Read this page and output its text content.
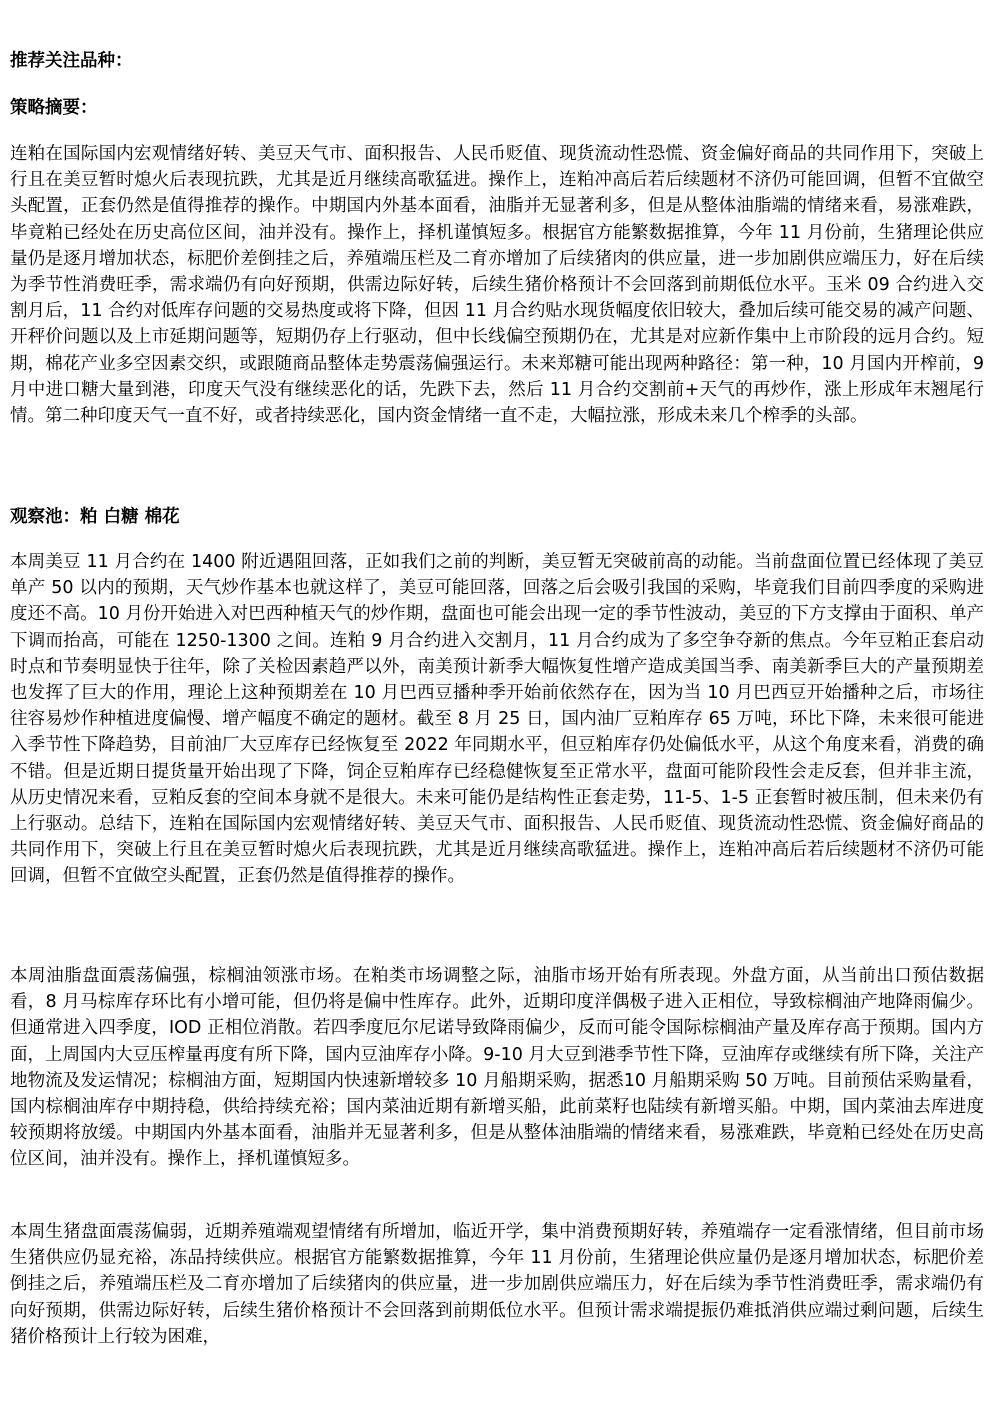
推荐关注品种：

策略摘要：

连粕在国际国内宏观情绪好转、美豆天气市、面积报告、人民币贬值、现货流动性恐慌、资金偏好商品的共同作用下，突破上行且在美豆暂时熄火后表现抗跌，尤其是近月继续高歌猛进。操作上，连粕冲高后若后续题材不济仍可能回调，但暂不宜做空头配置，正套仍然是值得推荐的操作。中期国内外基本面看，油脂并无显著利多，但是从整体油脂端的情绪来看，易涨难跌，毕竟粕已经处在历史高位区间，油并没有。操作上，择机谨慎短多。根据官方能繁数据推算，今年 11 月份前，生猪理论供应量仍是逐月增加状态，标肥价差倒挂之后，养殖端压栏及二育亦增加了后续猪肉的供应量，进一步加剧供应端压力，好在后续为季节性消费旺季，需求端仍有向好预期，供需边际好转，后续生猪价格预计不会回落到前期低位水平。玉米 09 合约进入交割月后，11 合约对低库存问题的交易热度或将下降，但因 11 月合约贴水现货幅度依旧较大，叠加后续可能交易的减产问题、开秤价问题以及上市延期问题等，短期仍存上行驱动，但中长线偏空预期仍在，尤其是对应新作集中上市阶段的远月合约。短期，棉花产业多空因素交织，或跟随商品整体走势震荡偏强运行。未来郑糖可能出现两种路径：第一种，10 月国内开榨前，9 月中进口糖大量到港，印度天气没有继续恶化的话，先跌下去，然后 11 月合约交割前+天气的再炒作，涨上形成年末翘尾行情。第二种印度天气一直不好，或者持续恶化，国内资金情绪一直不走，大幅拉涨，形成未来几个榨季的头部。

观察池：粕 白糖 棉花

本周美豆 11 月合约在 1400 附近遇阻回落，正如我们之前的判断，美豆暂无突破前高的动能。当前盘面位置已经体现了美豆单产 50 以内的预期，天气炒作基本也就这样了，美豆可能回落，回落之后会吸引我国的采购，毕竟我们目前四季度的采购进度还不高。10 月份开始进入对巴西种植天气的炒作期，盘面也可能会出现一定的季节性波动，美豆的下方支撑由于面积、单产下调而抬高，可能在 1250-1300 之间。连粕 9 月合约进入交割月，11 月合约成为了多空争夺新的焦点。今年豆粕正套启动时点和节奏明显快于往年，除了关检因素趋严以外，南美预计新季大幅恢复性增产造成美国当季、南美新季巨大的产量预期差也发挥了巨大的作用，理论上这种预期差在 10 月巴西豆播种季开始前依然存在，因为当 10 月巴西豆开始播种之后，市场往往容易炒作种植进度偏慢、增产幅度不确定的题材。截至 8 月 25 日，国内油厂豆粕库存 65 万吨，环比下降，未来很可能进入季节性下降趋势，目前油厂大豆库存已经恢复至 2022 年同期水平，但豆粕库存仍处偏低水平，从这个角度来看，消费的确不错。但是近期日提货量开始出现了下降，饲企豆粕库存已经稳健恢复至正常水平，盘面可能阶段性会走反套，但并非主流，从历史情况来看，豆粕反套的空间本身就不是很大。未来可能仍是结构性正套走势，11-5、1-5 正套暂时被压制，但未来仍有上行驱动。总结下，连粕在国际国内宏观情绪好转、美豆天气市、面积报告、人民币贬值、现货流动性恐慌、资金偏好商品的共同作用下，突破上行且在美豆暂时熄火后表现抗跌，尤其是近月继续高歌猛进。操作上，连粕冲高后若后续题材不济仍可能回调，但暂不宜做空头配置，正套仍然是值得推荐的操作。

本周油脂盘面震荡偏强，棕榈油领涨市场。在粕类市场调整之际，油脂市场开始有所表现。外盘方面，从当前出口预估数据看，8 月马棕库存环比有小增可能，但仍将是偏中性库存。此外，近期印度洋偶极子进入正相位，导致棕榈油产地降雨偏少。但通常进入四季度，IOD 正相位消散。若四季度厄尔尼诺导致降雨偏少，反而可能令国际棕榈油产量及库存高于预期。国内方面，上周国内大豆压榨量再度有所下降，国内豆油库存小降。9-10 月大豆到港季节性下降，豆油库存或继续有所下降，关注产地物流及发运情况；棕榈油方面，短期国内快速新增较多 10 月船期采购，据悉10 月船期采购 50 万吨。目前预估采购量看，国内棕榈油库存中期持稳，供给持续充裕；国内菜油近期有新增买船，此前菜籽也陆续有新增买船。中期，国内菜油去库进度较预期将放缓。中期国内外基本面看，油脂并无显著利多，但是从整体油脂端的情绪来看，易涨难跌，毕竟粕已经处在历史高位区间，油并没有。操作上，择机谨慎短多。

本周生猪盘面震荡偏弱，近期养殖端观望情绪有所增加，临近开学，集中消费预期好转，养殖端存一定看涨情绪，但目前市场生猪供应仍显充裕，冻品持续供应。根据官方能繁数据推算，今年 11 月份前，生猪理论供应量仍是逐月增加状态，标肥价差倒挂之后，养殖端压栏及二育亦增加了后续猪肉的供应量，进一步加剧供应端压力，好在后续为季节性消费旺季，需求端仍有向好预期，供需边际好转，后续生猪价格预计不会回落到前期低位水平。但预计需求端提振仍难抵消供应端过剩问题，后续生猪价格预计上行较为困难，
